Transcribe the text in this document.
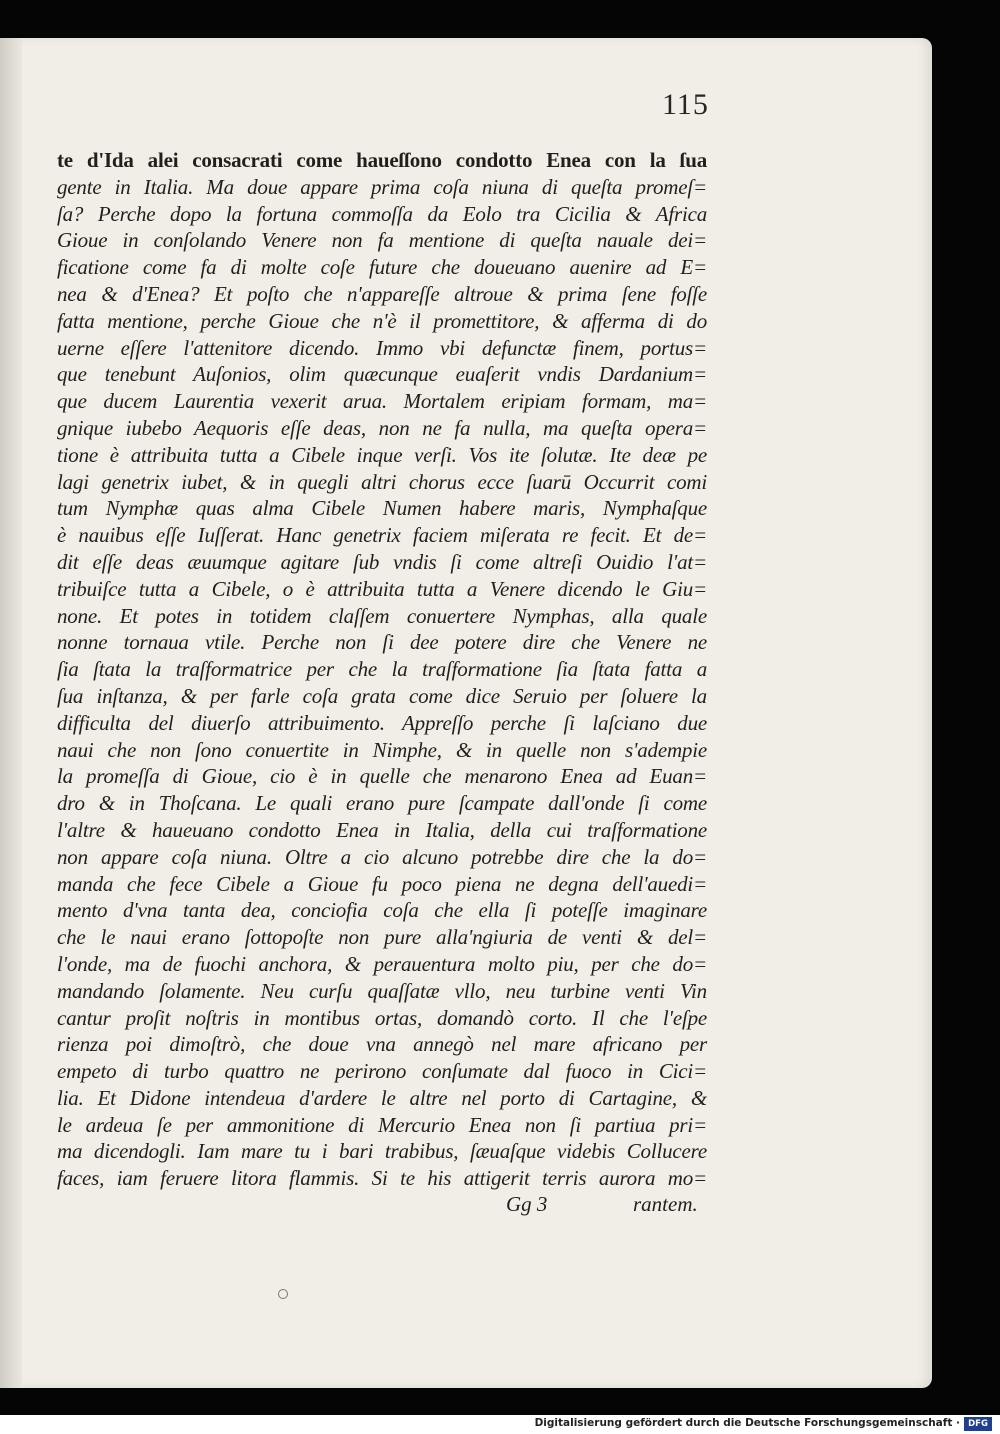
115
te d'Ida alei consacrati come haueſſono condotto Enea con la ſua
gente in Italia. Ma doue appare prima coſa niuna di queſta promeſ=
ſa? Perche dopo la fortuna commoſſa da Eolo tra Cicilia & Africa
Gioue in conſolando Venere non fa mentione di queſta nauale dei=
ficatione come fa di molte coſe future che doueuano auenire ad E=
nea & d'Enea? Et poſto che n'appareſſe altroue & prima ſene foſſe
fatta mentione, perche Gioue che n'è il promettitore, & afferma di do
uerne eſſere l'attenitore dicendo. Immo vbi defunctæ finem, portus=
que tenebunt Auſonios, olim quæcunque euaſerit vndis Dardanium=
que ducem Laurentia vexerit arua. Mortalem eripiam formam, ma=
gnique iubebo Aequoris eſſe deas, non ne fa nulla, ma queſta opera=
tione è attribuita tutta a Cibele inque verſi. Vos ite ſolutæ. Ite deæ pe
lagi genetrix iubet, & in quegli altri chorus ecce ſuarū Occurrit comi
tum Nymphæ quas alma Cibele Numen habere maris, Nymphaſque
è nauibus eſſe Iuſſerat. Hanc genetrix faciem miſerata re fecit. Et de=
dit eſſe deas æuumque agitare ſub vndis ſi come altreſi Ouidio l'at=
tribuiſce tutta a Cibele, o è attribuita tutta a Venere dicendo le Giu=
none. Et potes in totidem claſſem conuertere Nymphas, alla quale
nonne tornaua vtile. Perche non ſi dee potere dire che Venere ne
ſia ſtata la traſformatrice per che la traſformatione ſia ſtata fatta a
ſua inſtanza, & per farle coſa grata come dice Seruio per ſoluere la
difficulta del diuerſo attribuimento. Appreſſo perche ſi laſciano due
naui che non ſono conuertite in Nimphe, & in quelle non s'adempie
la promeſſa di Gioue, cio è in quelle che menarono Enea ad Euan=
dro & in Thoſcana. Le quali erano pure ſcampate dall'onde ſi come
l'altre & haueuano condotto Enea in Italia, della cui traſformatione
non appare coſa niuna. Oltre a cio alcuno potrebbe dire che la do=
manda che fece Cibele a Gioue fu poco piena ne degna dell'auedi=
mento d'vna tanta dea, conciofia coſa che ella ſi poteſſe imaginare
che le naui erano ſottopoſte non pure alla'ngiuria de venti & del=
l'onde, ma de fuochi anchora, & perauentura molto piu, per che do=
mandando ſolamente. Neu curſu quaſſatæ vllo, neu turbine venti Vin
cantur proſit noſtris in montibus ortas, domandò corto. Il che l'eſpe
rienza poi dimoſtrò, che doue vna annegò nel mare africano per
empeto di turbo quattro ne perirono conſumate dal fuoco in Cici=
lia. Et Didone intendeua d'ardere le altre nel porto di Cartagine, &
le ardeua ſe per ammonitione di Mercurio Enea non ſi partiua pri=
ma dicendogli. Iam mare tu i bari trabibus, ſæuaſque videbis Collucere
faces, iam feruere litora flammis. Si te his attigerit terris aurora mo=
Gg 3	rantem.
Digitalisierung gefördert durch die Deutsche Forschungsgemeinschaft · DFG
